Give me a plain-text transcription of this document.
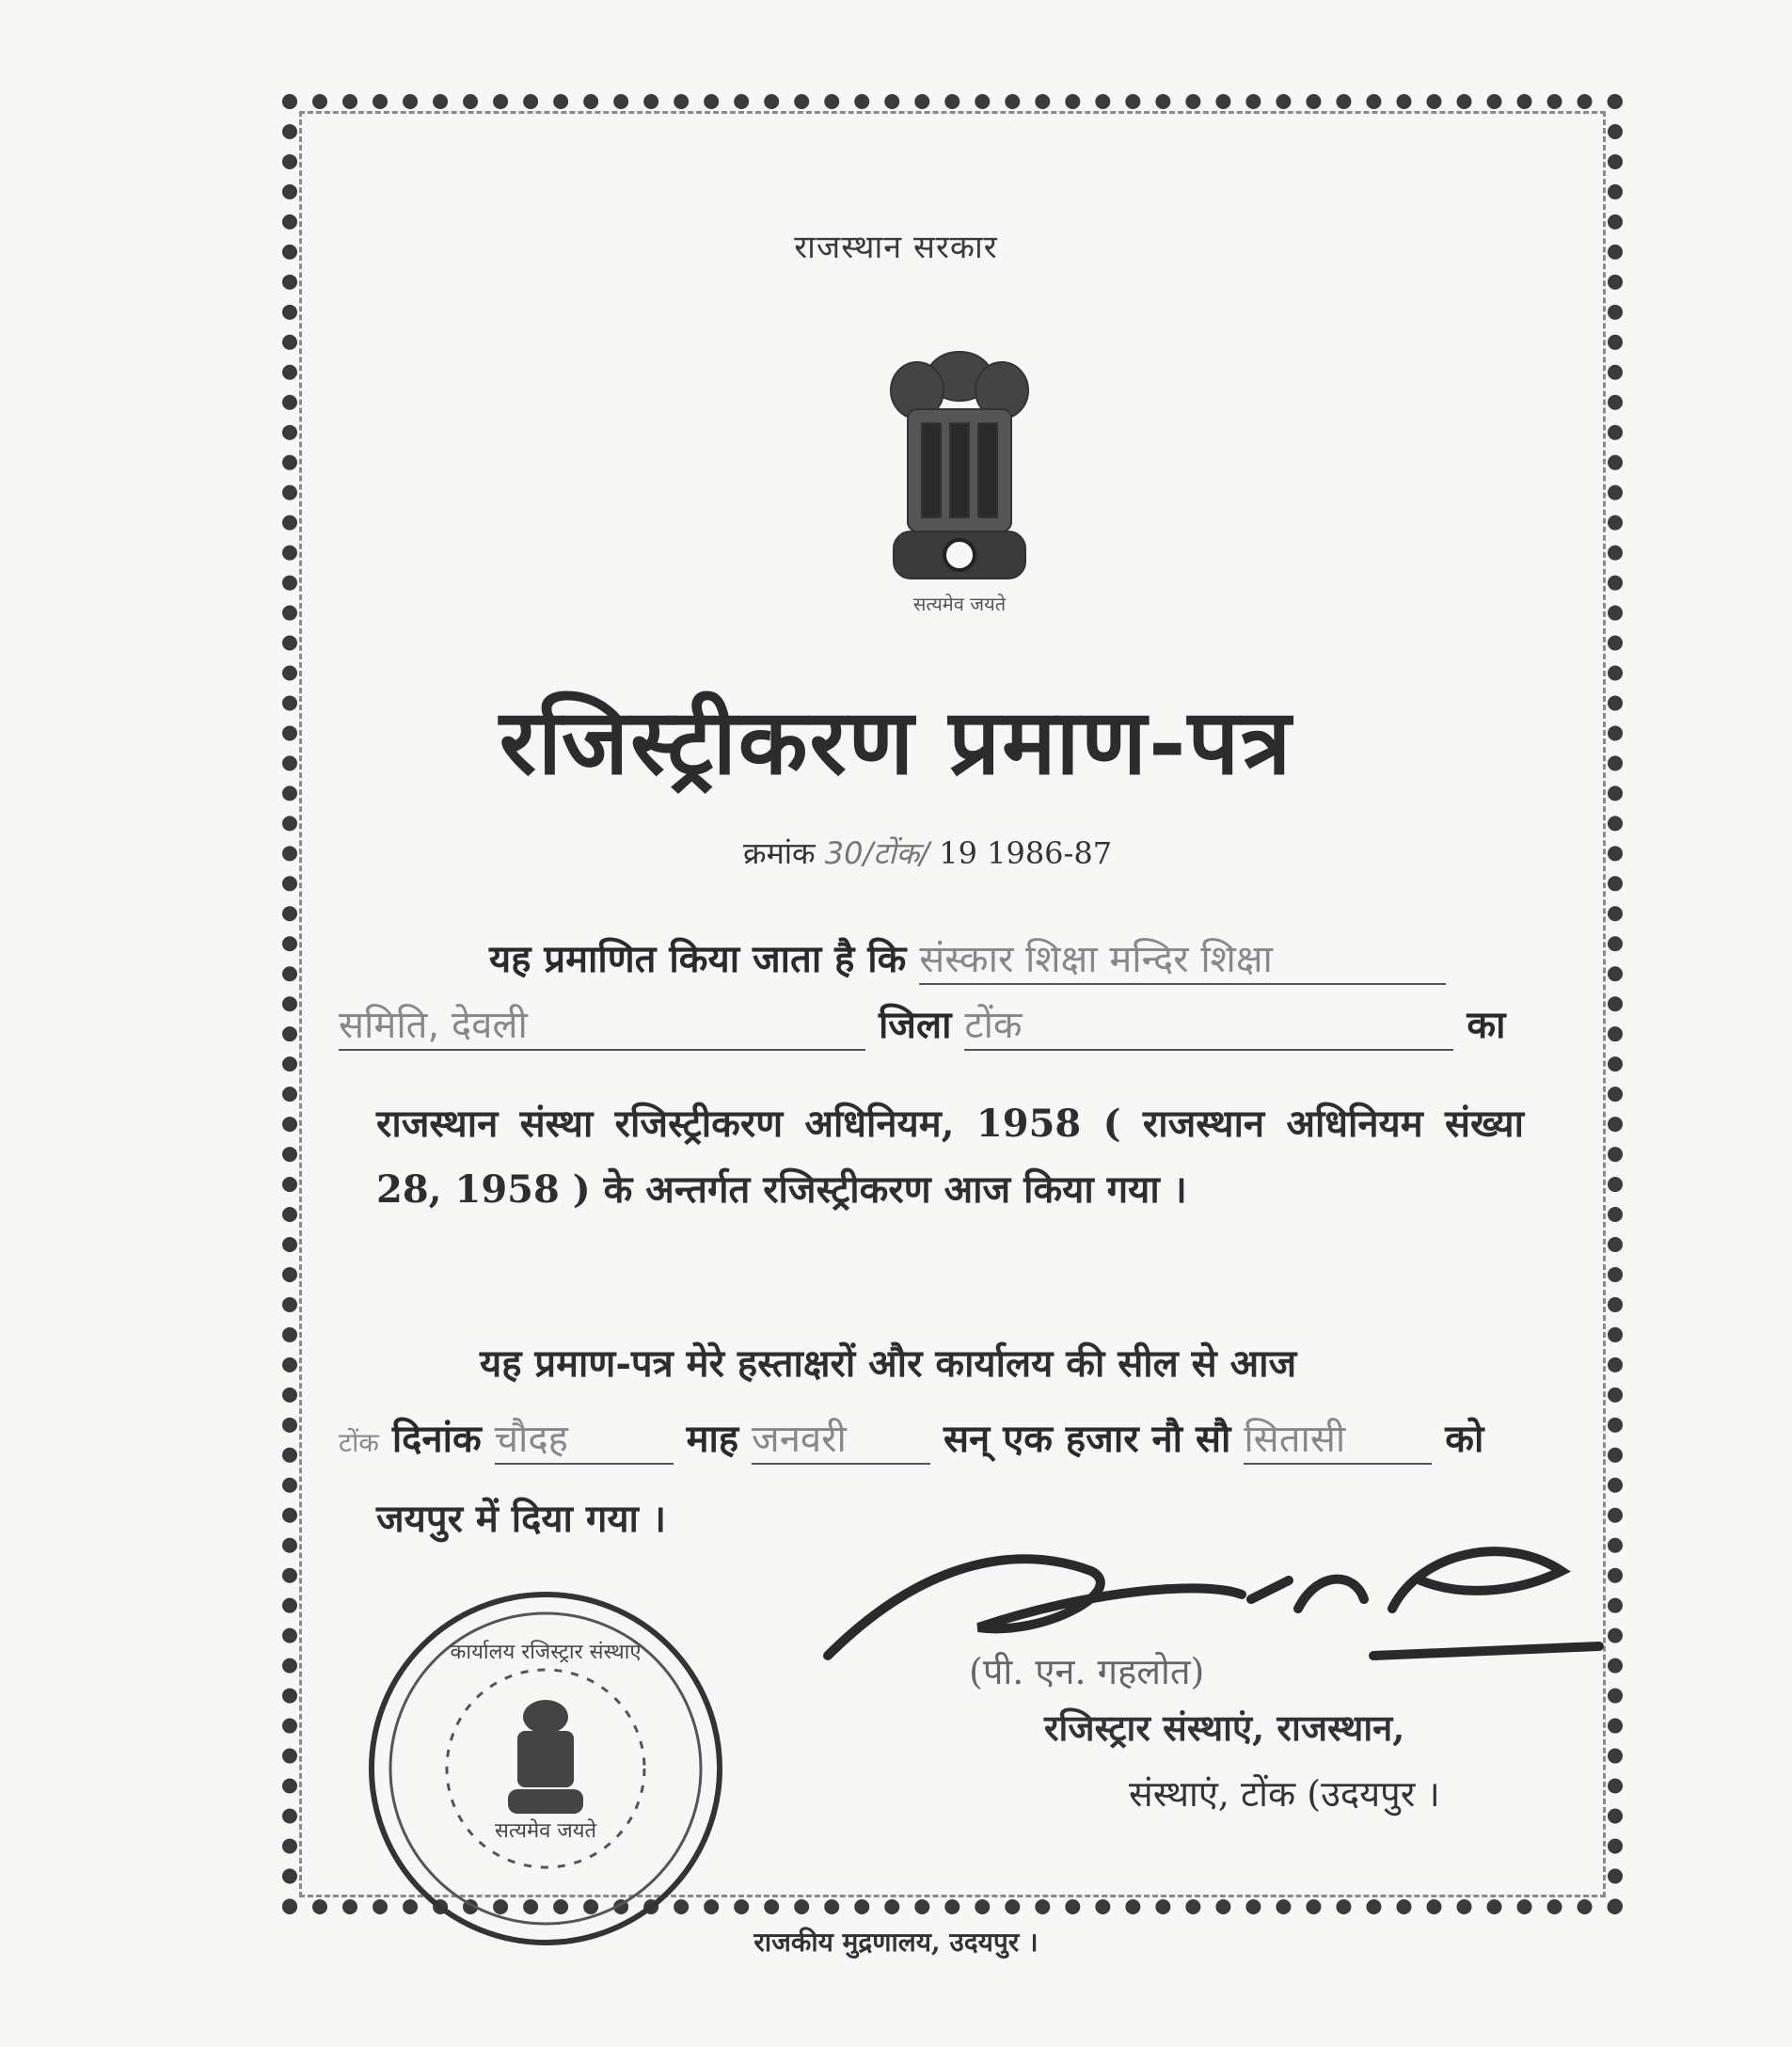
राजस्थान सरकार
सत्यमेव जयते
रजिस्ट्रीकरण प्रमाण-पत्र
क्रमांक 30/टोंक/ 19 1986-87
यह प्रमाणित किया जाता है कि संस्कार शिक्षा मन्दिर शिक्षा
समिति, देवली	जिला टोंक	का
राजस्थान संस्था रजिस्ट्रीकरण अधिनियम, 1958 ( राजस्थान अधिनियम संख्या 28, 1958 ) के अन्तर्गत रजिस्ट्रीकरण आज किया गया ।
यह प्रमाण-पत्र मेरे हस्ताक्षरों और कार्यालय की सील से आज
टोंक दिनांक चौदह	माह जनवरी	सन् एक हजार नौ सौ सितासी	को
जयपुर में दिया गया ।
(पी. एन. गहलोत)
रजिस्ट्रार संस्थाएं, राजस्थान,
संस्थाएं, टोंक (उदयपुर ।
कार्यालय रजिस्ट्रार संस्थाएं
सत्यमेव जयते
राजकीय मुद्रणालय, उदयपुर ।
